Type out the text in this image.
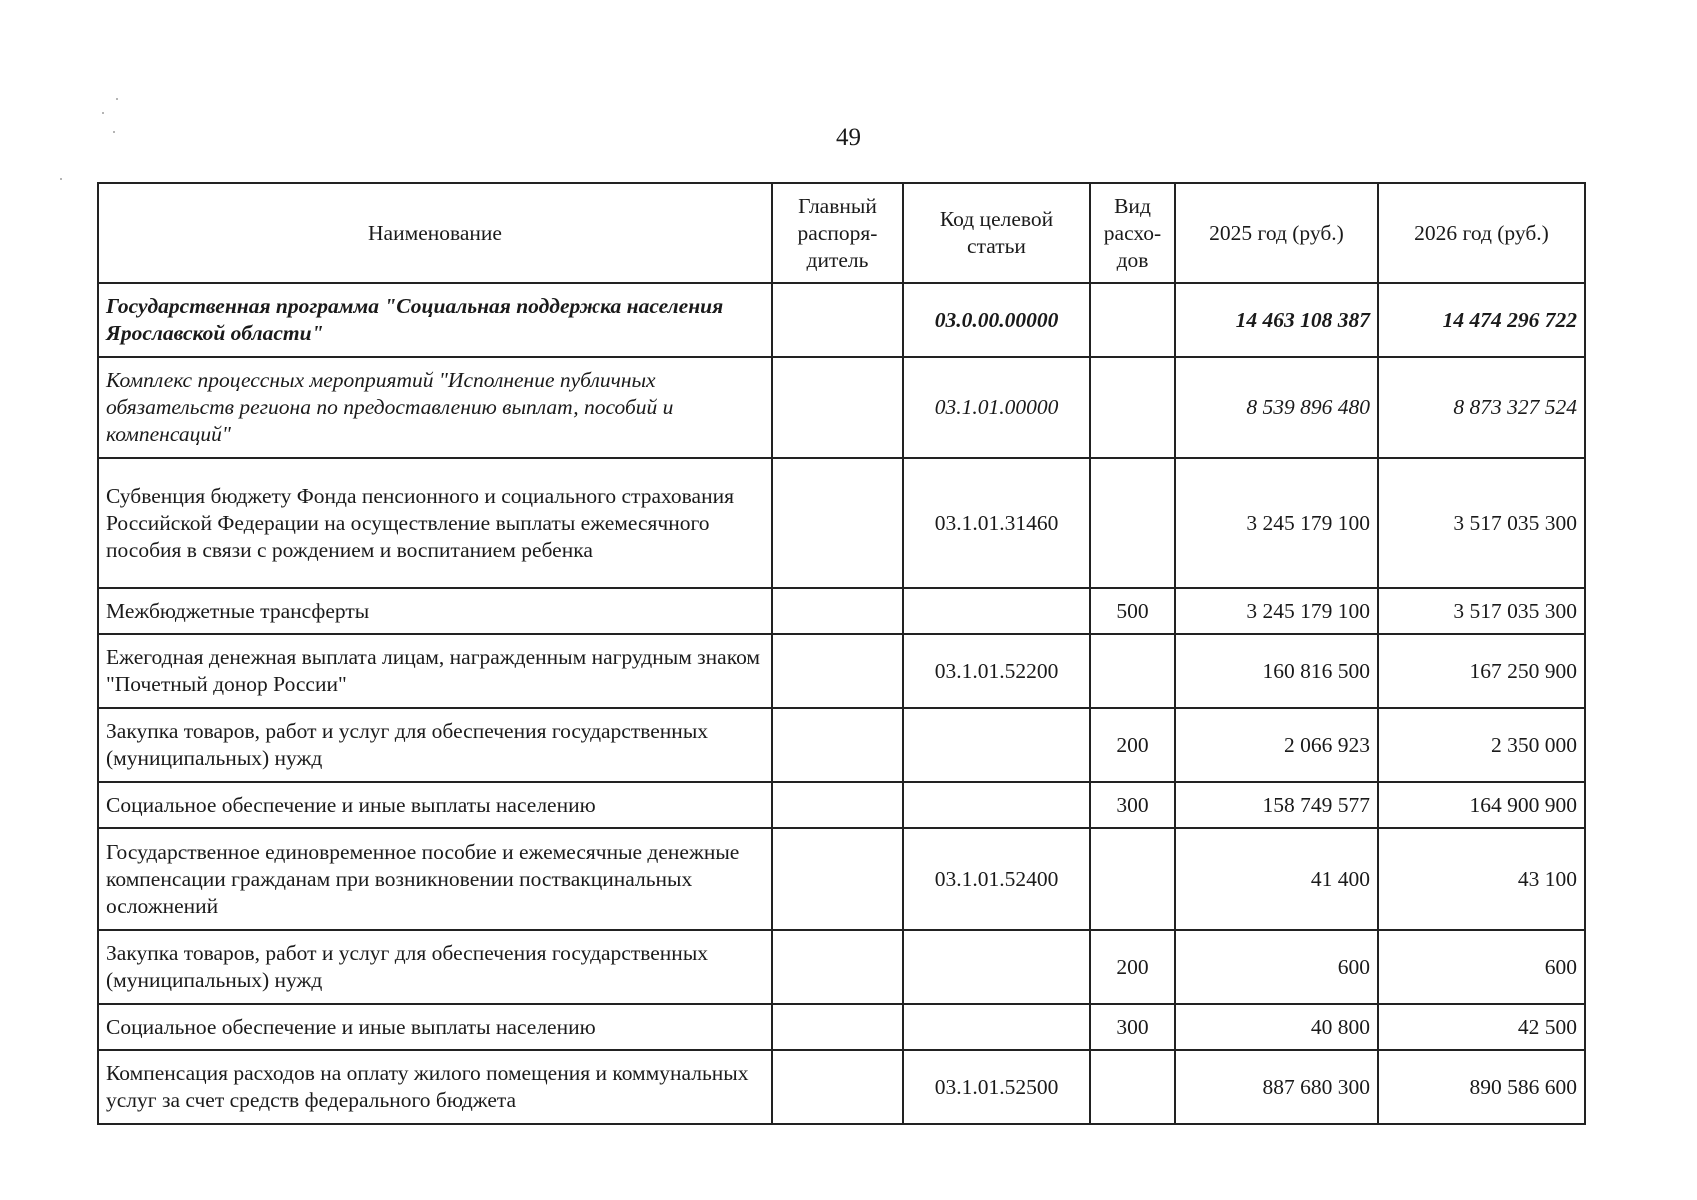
49
Наименование	Главный распоря-дитель	Код целевой статьи	Вид расхо-дов	2025 год (руб.)	2026 год (руб.)
Государственная программа "Социальная поддержка населения Ярославской области"		03.0.00.00000		14 463 108 387	14 474 296 722
Комплекс процессных мероприятий "Исполнение публичных обязательств региона по предоставлению выплат, пособий и компенсаций"		03.1.01.00000		8 539 896 480	8 873 327 524
Субвенция бюджету Фонда пенсионного и социального страхования Российской Федерации на осуществление выплаты ежемесячного пособия в связи с рождением и воспитанием ребенка		03.1.01.31460		3 245 179 100	3 517 035 300
Межбюджетные трансферты			500	3 245 179 100	3 517 035 300
Ежегодная денежная выплата лицам, награжденным нагрудным знаком "Почетный донор России"		03.1.01.52200		160 816 500	167 250 900
Закупка товаров, работ и услуг для обеспечения государственных (муниципальных) нужд			200	2 066 923	2 350 000
Социальное обеспечение и иные выплаты населению			300	158 749 577	164 900 900
Государственное единовременное пособие и ежемесячные денежные компенсации гражданам при возникновении поствакцинальных осложнений		03.1.01.52400		41 400	43 100
Закупка товаров, работ и услуг для обеспечения государственных (муниципальных) нужд			200	600	600
Социальное обеспечение и иные выплаты населению			300	40 800	42 500
Компенсация расходов на оплату жилого помещения и коммунальных услуг за счет средств федерального бюджета		03.1.01.52500		887 680 300	890 586 600
